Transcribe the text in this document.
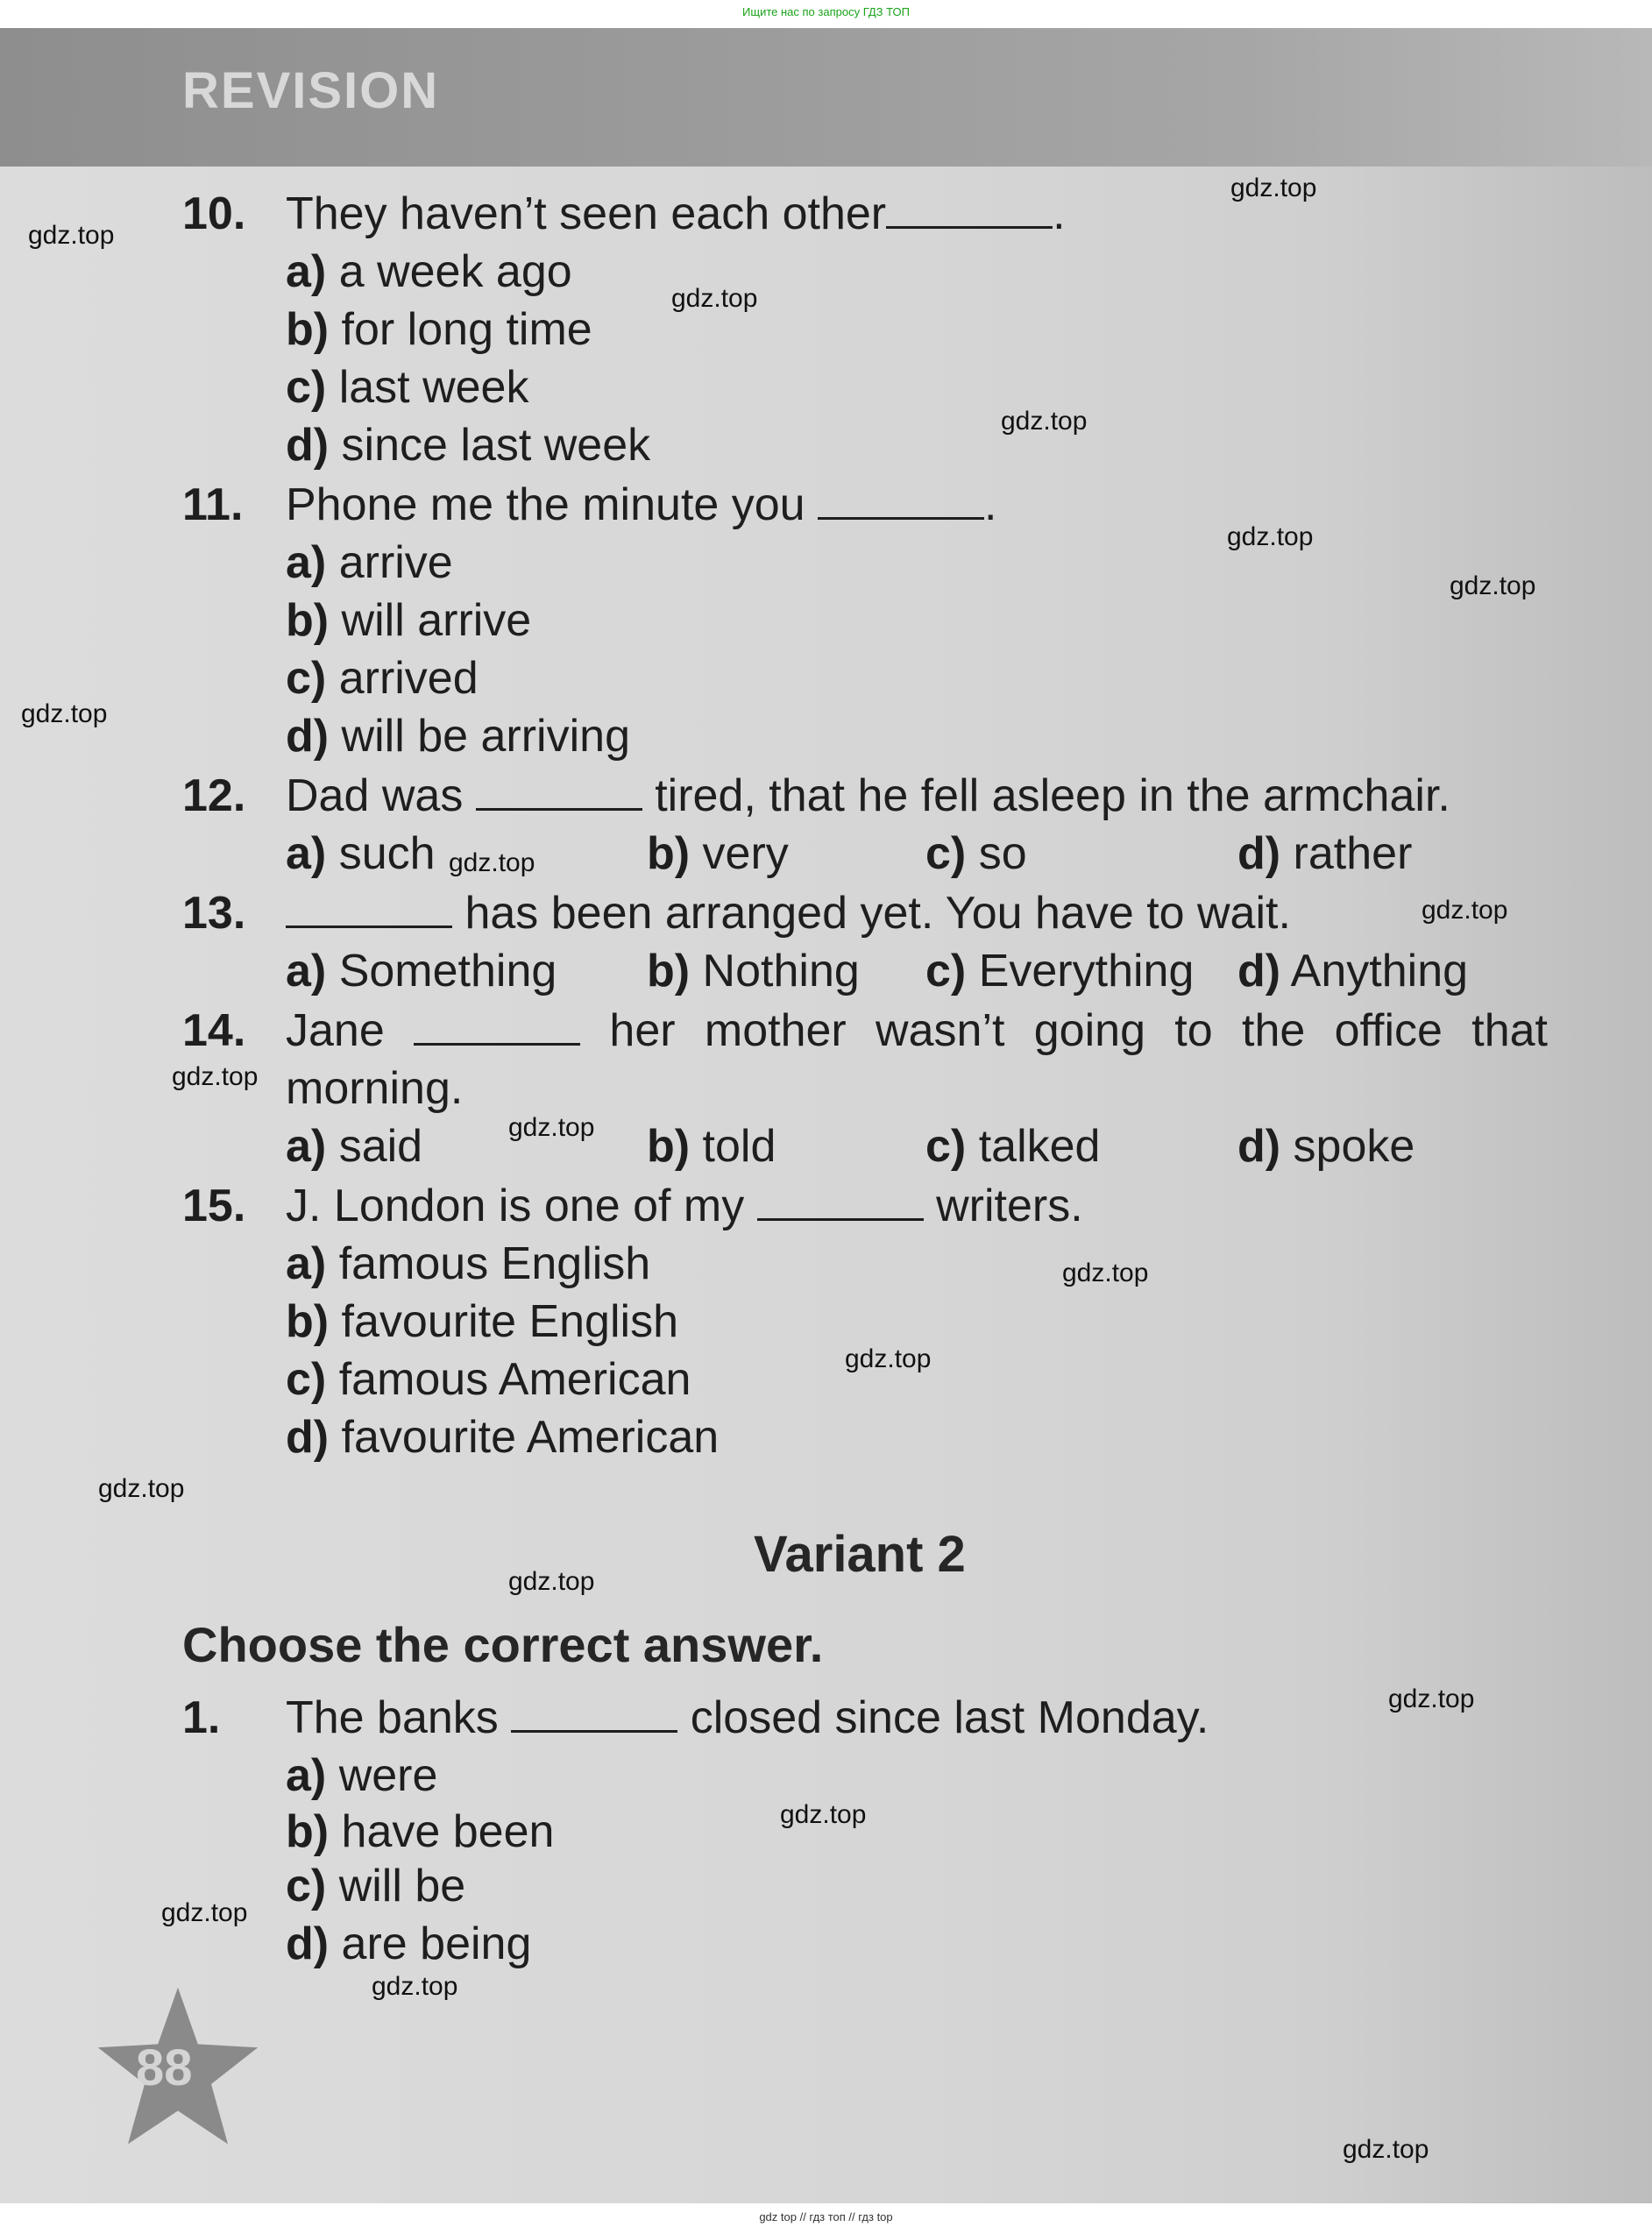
Ищите нас по запросу ГДЗ ТОП
REVISION
10. They haven’t seen each other	.
a) a week ago
b) for long time
c) last week
d) since last week
11. Phone me the minute you	.
a) arrive
b) will arrive
c) arrived
d) will be arriving
12. Dad was	tired, that he fell asleep in the armchair.
a) such	b) very	c) so	d) rather
13.	has been arranged yet. You have to wait.
a) Something b) Nothing c) Everything d) Anything
14. Jane	her mother wasn’t going to the office that
morning.
a) said	b) told	c) talked	d) spoke
15. J. London is one of my	writers.
a) famous English
b) favourite English
c) famous American
d) favourite American
Variant 2
Choose the correct answer.
1. The banks	closed since last Monday.
a) were
b) have been
c) will be
d) are being
88
gdz.top
gdz.top
gdz.top
gdz.top
gdz.top
gdz.top
gdz.top
gdz.top
gdz.top
gdz.top
gdz.top
gdz.top
gdz.top
gdz.top
gdz.top
gdz.top
gdz.top
gdz.top
gdz.top
gdz.top
gdz top // гдз топ // гдз top
